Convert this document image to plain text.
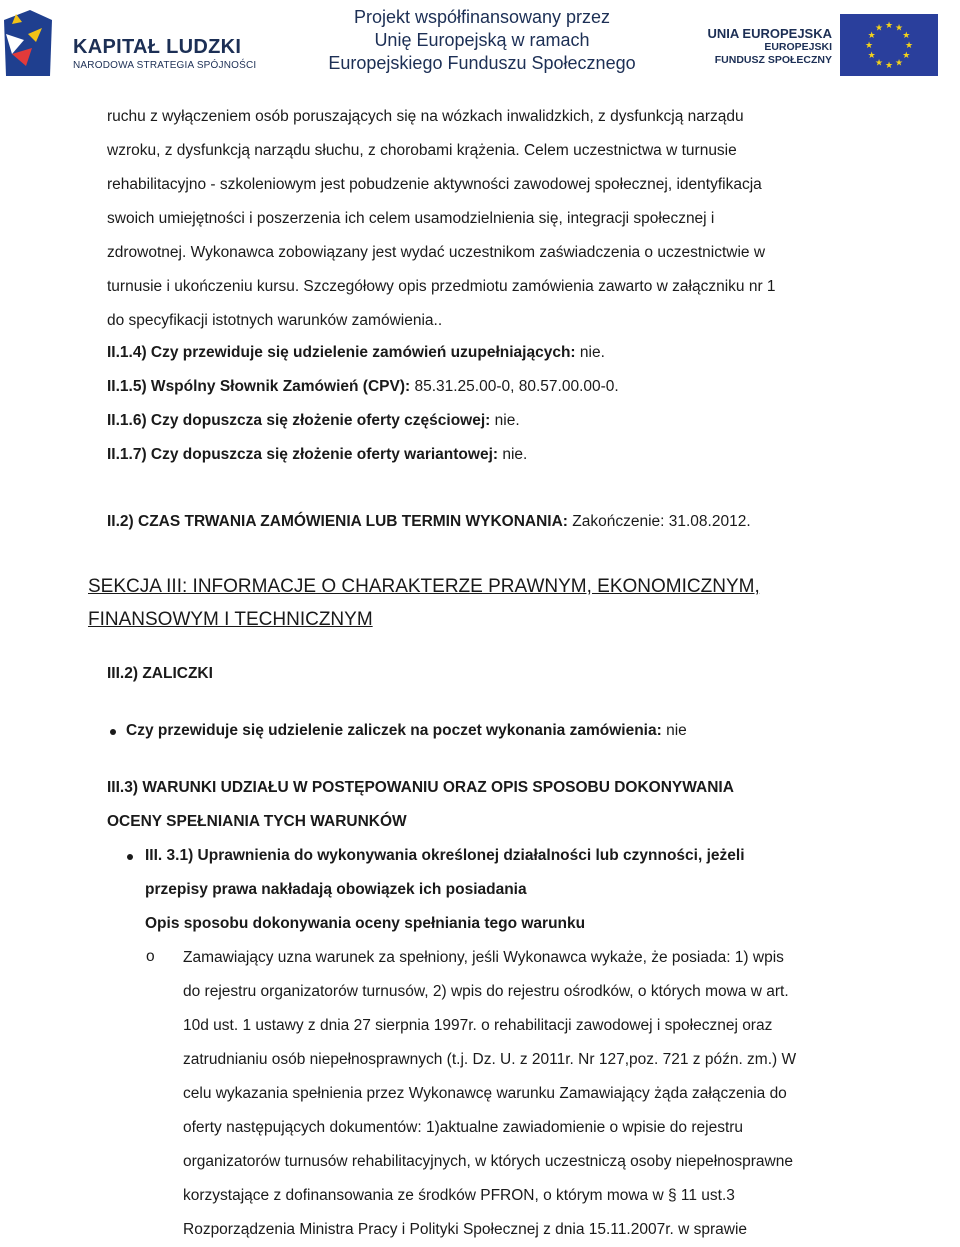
KAPITAŁ LUDZKI
NARODOWA STRATEGIA SPÓJNOŚCI
Projekt współfinansowany przez
Unię Europejską w ramach
Europejskiego Funduszu Społecznego
UNIA EUROPEJSKA
EUROPEJSKI
FUNDUSZ SPOŁECZNY
★ ★
★
★
★
★
★
★
★
★
★
★

ruchu z wyłączeniem osób poruszających się na wózkach inwalidzkich, z dysfunkcją narządu
wzroku, z dysfunkcją narządu słuchu, z chorobami krążenia. Celem uczestnictwa w turnusie
rehabilitacyjno - szkoleniowym jest pobudzenie aktywności zawodowej społecznej, identyfikacja
swoich umiejętności i poszerzenia ich celem usamodzielnienia się, integracji społecznej i
zdrowotnej. Wykonawca zobowiązany jest wydać uczestnikom zaświadczenia o uczestnictwie w
turnusie i ukończeniu kursu. Szczegółowy opis przedmiotu zamówienia zawarto w załączniku nr 1
do specyfikacji istotnych warunków zamówienia..

II.1.4) Czy przewiduje się udzielenie zamówień uzupełniających: nie.
II.1.5) Wspólny Słownik Zamówień (CPV): 85.31.25.00-0, 80.57.00.00-0.
II.1.6) Czy dopuszcza się złożenie oferty częściowej: nie.
II.1.7) Czy dopuszcza się złożenie oferty wariantowej: nie.
II.2) CZAS TRWANIA ZAMÓWIENIA LUB TERMIN WYKONANIA: Zakończenie: 31.08.2012.
SEKCJA III: INFORMACJE O CHARAKTERZE PRAWNYM, EKONOMICZNYM,
FINANSOWYM I TECHNICZNYM
III.2) ZALICZKI
Czy przewiduje się udzielenie zaliczek na poczet wykonania zamówienia: nie
III.3) WARUNKI UDZIAŁU W POSTĘPOWANIU ORAZ OPIS SPOSOBU DOKONYWANIA
OCENY SPEŁNIANIA TYCH WARUNKÓW
III. 3.1) Uprawnienia do wykonywania określonej działalności lub czynności, jeżeli
przepisy prawa nakładają obowiązek ich posiadania
Opis sposobu dokonywania oceny spełniania tego warunku
o Zamawiający uzna warunek za spełniony, jeśli Wykonawca wykaże, że posiada: 1) wpis
do rejestru organizatorów turnusów, 2) wpis do rejestru ośrodków, o których mowa w art.
10d ust. 1 ustawy z dnia 27 sierpnia 1997r. o rehabilitacji zawodowej i społecznej oraz
zatrudnianiu osób niepełnosprawnych (t.j. Dz. U. z 2011r. Nr 127,poz. 721 z późn. zm.) W
celu wykazania spełnienia przez Wykonawcę warunku Zamawiający żąda załączenia do
oferty następujących dokumentów: 1)aktualne zawiadomienie o wpisie do rejestru
organizatorów turnusów rehabilitacyjnych, w których uczestniczą osoby niepełnosprawne
korzystające z dofinansowania ze środków PFRON, o którym mowa w § 11 ust.3
Rozporządzenia Ministra Pracy i Polityki Społecznej z dnia 15.11.2007r. w sprawie
